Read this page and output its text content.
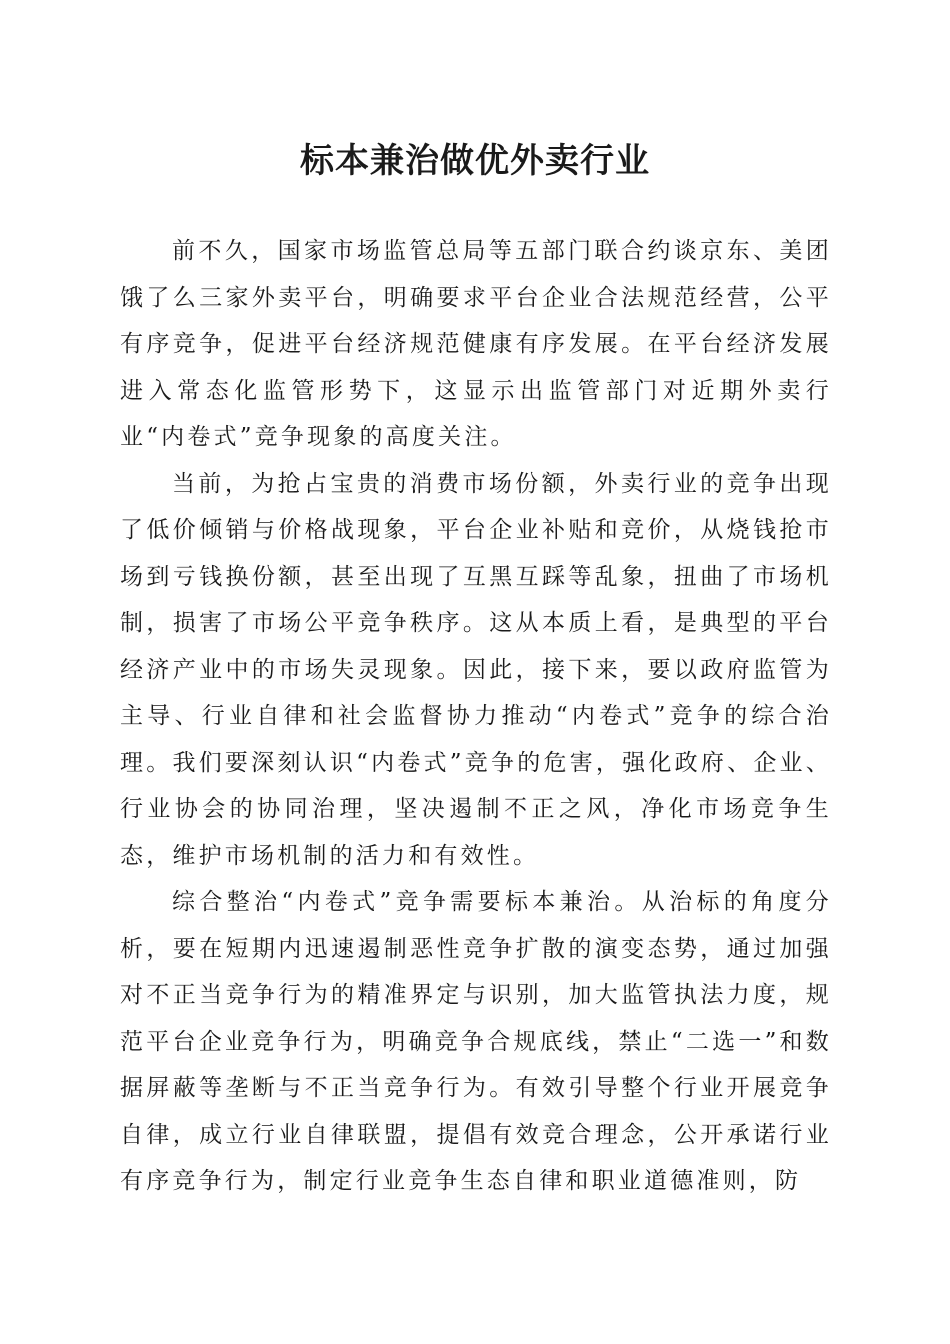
标本兼治做优外卖行业

前不久，国家市场监管总局等五部门联合约谈京东、美团饿了么三家外卖平台，明确要求平台企业合法规范经营，公平有序竞争，促进平台经济规范健康有序发展。在平台经济发展进入常态化监管形势下，这显示出监管部门对近期外卖行业“内卷式”竞争现象的高度关注。

当前，为抢占宝贵的消费市场份额，外卖行业的竞争出现了低价倾销与价格战现象，平台企业补贴和竞价，从烧钱抢市场到亏钱换份额，甚至出现了互黑互踩等乱象，扭曲了市场机制，损害了市场公平竞争秩序。这从本质上看，是典型的平台经济产业中的市场失灵现象。因此，接下来，要以政府监管为主导、行业自律和社会监督协力推动“内卷式”竞争的综合治理。我们要深刻认识“内卷式”竞争的危害，强化政府、企业、行业协会的协同治理，坚决遏制不正之风，净化市场竞争生态，维护市场机制的活力和有效性。

综合整治“内卷式”竞争需要标本兼治。从治标的角度分析，要在短期内迅速遏制恶性竞争扩散的演变态势，通过加强对不正当竞争行为的精准界定与识别，加大监管执法力度，规范平台企业竞争行为，明确竞争合规底线，禁止“二选一”和数据屏蔽等垄断与不正当竞争行为。有效引导整个行业开展竞争自律，成立行业自律联盟，提倡有效竞合理念，公开承诺行业有序竞争行为，制定行业竞争生态自律和职业道德准则，防
